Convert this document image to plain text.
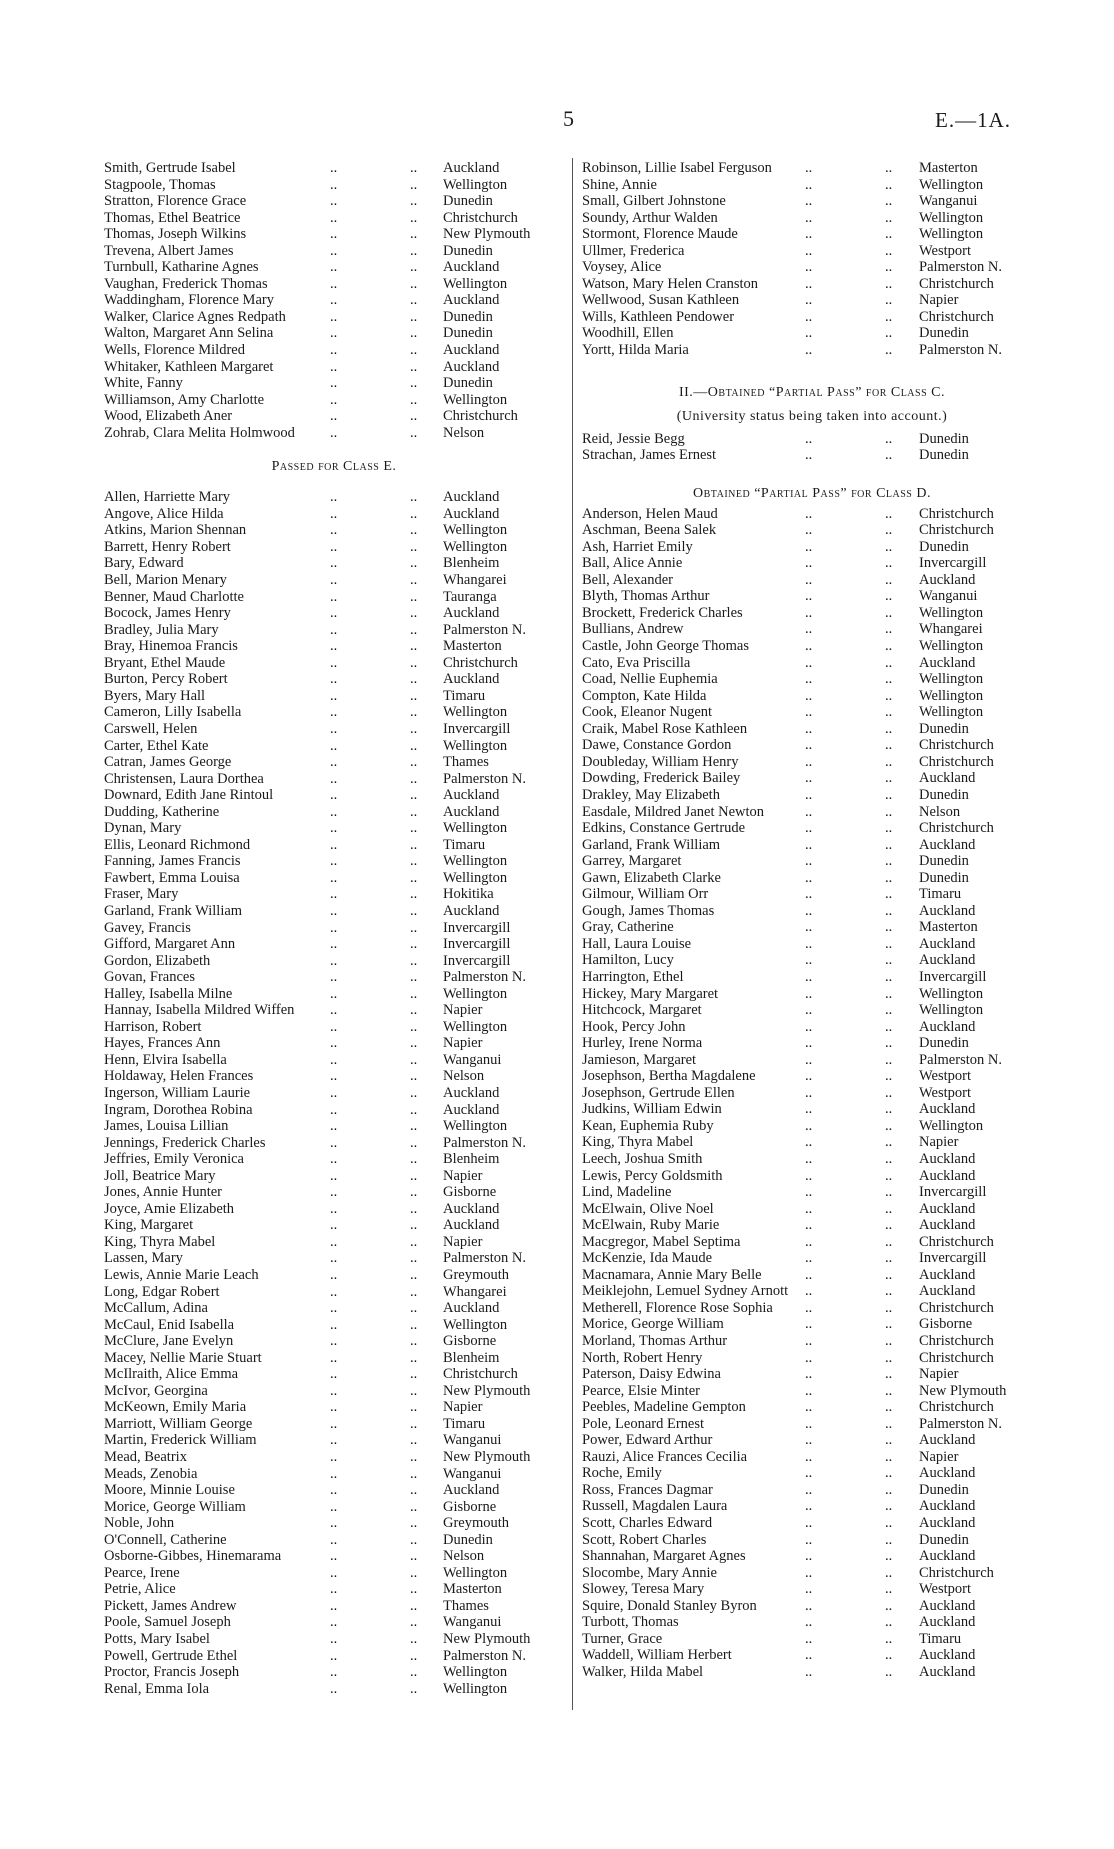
5	E.—1A.
Smith, Gertrude Isabel	..	.. Auckland
Stagpoole, Thomas	..	.. Wellington
Stratton, Florence Grace	..	.. Dunedin
Thomas, Ethel Beatrice	..	.. Christchurch
Thomas, Joseph Wilkins	..	.. New Plymouth
Trevena, Albert James	..	.. Dunedin
Turnbull, Katharine Agnes	..	.. Auckland
Vaughan, Frederick Thomas	..	.. Wellington
Waddingham, Florence Mary	..	.. Auckland
Walker, Clarice Agnes Redpath	..	.. Dunedin
Walton, Margaret Ann Selina	..	.. Dunedin
Wells, Florence Mildred	..	.. Auckland
Whitaker, Kathleen Margaret	..	.. Auckland
White, Fanny	..	.. Dunedin
Williamson, Amy Charlotte	..	.. Wellington
Wood, Elizabeth Aner	..	.. Christchurch
Zohrab, Clara Melita Holmwood ..	.. Nelson
Passed for Class E.
Allen, Harriette Mary	..	.. Auckland
Angove, Alice Hilda	..	.. Auckland
Atkins, Marion Shennan	..	.. Wellington
Barrett, Henry Robert	..	.. Wellington
Bary, Edward	..	.. Blenheim
Bell, Marion Menary	..	.. Whangarei
Benner, Maud Charlotte	..	.. Tauranga
Bocock, James Henry	..	.. Auckland
Bradley, Julia Mary	..	.. Palmerston N.
Bray, Hinemoa Francis	..	.. Masterton
Bryant, Ethel Maude	..	.. Christchurch
Burton, Percy Robert	..	.. Auckland
Byers, Mary Hall	..	.. Timaru
Cameron, Lilly Isabella	..	.. Wellington
Carswell, Helen	..	.. Invercargill
Carter, Ethel Kate	..	.. Wellington
Catran, James George	..	.. Thames
Christensen, Laura Dorthea	..	.. Palmerston N.
Downard, Edith Jane Rintoul	..	.. Auckland
Dudding, Katherine	..	.. Auckland
Dynan, Mary	..	.. Wellington
Ellis, Leonard Richmond	..	.. Timaru
Fanning, James Francis	..	.. Wellington
Fawbert, Emma Louisa	..	.. Wellington
Fraser, Mary	..	.. Hokitika
Garland, Frank William	..	.. Auckland
Gavey, Francis	..	.. Invercargill
Gifford, Margaret Ann	..	.. Invercargill
Gordon, Elizabeth	..	.. Invercargill
Govan, Frances	..	.. Palmerston N.
Halley, Isabella Milne	..	.. Wellington
Hannay, Isabella Mildred Wiffen ..	.. Napier
Harrison, Robert	..	.. Wellington
Hayes, Frances Ann	..	.. Napier
Henn, Elvira Isabella	..	.. Wanganui
Holdaway, Helen Frances	..	.. Nelson
Ingerson, William Laurie	..	.. Auckland
Ingram, Dorothea Robina	..	.. Auckland
James, Louisa Lillian	..	.. Wellington
Jennings, Frederick Charles	..	.. Palmerston N.
Jeffries, Emily Veronica	..	.. Blenheim
Joll, Beatrice Mary	..	.. Napier
Jones, Annie Hunter	..	.. Gisborne
Joyce, Amie Elizabeth	..	.. Auckland
King, Margaret	..	.. Auckland
King, Thyra Mabel	..	.. Napier
Lassen, Mary	..	.. Palmerston N.
Lewis, Annie Marie Leach	..	.. Greymouth
Long, Edgar Robert	..	.. Whangarei
McCallum, Adina	..	.. Auckland
McCaul, Enid Isabella	..	.. Wellington
McClure, Jane Evelyn	..	.. Gisborne
Macey, Nellie Marie Stuart	..	.. Blenheim
McIlraith, Alice Emma	..	.. Christchurch
McIvor, Georgina	..	.. New Plymouth
McKeown, Emily Maria	..	.. Napier
Marriott, William George	..	.. Timaru
Martin, Frederick William	..	.. Wanganui
Mead, Beatrix	..	.. New Plymouth
Meads, Zenobia	..	.. Wanganui
Moore, Minnie Louise	..	.. Auckland
Morice, George William	..	.. Gisborne
Noble, John	..	.. Greymouth
O'Connell, Catherine	..	.. Dunedin
Osborne-Gibbes, Hinemarama	..	.. Nelson
Pearce, Irene	..	.. Wellington
Petrie, Alice	..	.. Masterton
Pickett, James Andrew	..	.. Thames
Poole, Samuel Joseph	..	.. Wanganui
Potts, Mary Isabel	..	.. New Plymouth
Powell, Gertrude Ethel	..	.. Palmerston N.
Proctor, Francis Joseph	..	.. Wellington
Renal, Emma Iola	..	.. Wellington
Robinson, Lillie Isabel Ferguson ..	.. Masterton
Shine, Annie	..	.. Wellington
Small, Gilbert Johnstone	..	.. Wanganui
Soundy, Arthur Walden	..	.. Wellington
Stormont, Florence Maude	..	.. Wellington
Ullmer, Frederica	..	.. Westport
Voysey, Alice	..	.. Palmerston N.
Watson, Mary Helen Cranston	..	.. Christchurch
Wellwood, Susan Kathleen	..	.. Napier
Wills, Kathleen Pendower	..	.. Christchurch
Woodhill, Ellen	..	.. Dunedin
Yortt, Hilda Maria	..	.. Palmerston N.
II.—Obtained “Partial Pass” for Class C.
(University status being taken into account.)
Reid, Jessie Begg	..	.. Dunedin
Strachan, James Ernest	..	.. Dunedin
Obtained “Partial Pass” for Class D.
Anderson, Helen Maud	..	.. Christchurch
Aschman, Beena Salek	..	.. Christchurch
Ash, Harriet Emily	..	.. Dunedin
Ball, Alice Annie	..	.. Invercargill
Bell, Alexander	..	.. Auckland
Blyth, Thomas Arthur	..	.. Wanganui
Brockett, Frederick Charles	..	.. Wellington
Bullians, Andrew	..	.. Whangarei
Castle, John George Thomas	..	.. Wellington
Cato, Eva Priscilla	..	.. Auckland
Coad, Nellie Euphemia	..	.. Wellington
Compton, Kate Hilda	..	.. Wellington
Cook, Eleanor Nugent	..	.. Wellington
Craik, Mabel Rose Kathleen	..	.. Dunedin
Dawe, Constance Gordon	..	.. Christchurch
Doubleday, William Henry	..	.. Christchurch
Dowding, Frederick Bailey	..	.. Auckland
Drakley, May Elizabeth	..	.. Dunedin
Easdale, Mildred Janet Newton	..	.. Nelson
Edkins, Constance Gertrude	..	.. Christchurch
Garland, Frank William	..	.. Auckland
Garrey, Margaret	..	.. Dunedin
Gawn, Elizabeth Clarke	..	.. Dunedin
Gilmour, William Orr	..	.. Timaru
Gough, James Thomas	..	.. Auckland
Gray, Catherine	..	.. Masterton
Hall, Laura Louise	..	.. Auckland
Hamilton, Lucy	..	.. Auckland
Harrington, Ethel	..	.. Invercargill
Hickey, Mary Margaret	..	.. Wellington
Hitchcock, Margaret	..	.. Wellington
Hook, Percy John	..	.. Auckland
Hurley, Irene Norma	..	.. Dunedin
Jamieson, Margaret	..	.. Palmerston N.
Josephson, Bertha Magdalene	..	.. Westport
Josephson, Gertrude Ellen	..	.. Westport
Judkins, William Edwin	..	.. Auckland
Kean, Euphemia Ruby	..	.. Wellington
King, Thyra Mabel	..	.. Napier
Leech, Joshua Smith	..	.. Auckland
Lewis, Percy Goldsmith	..	.. Auckland
Lind, Madeline	..	.. Invercargill
McElwain, Olive Noel	..	.. Auckland
McElwain, Ruby Marie	..	.. Auckland
Macgregor, Mabel Septima	..	.. Christchurch
McKenzie, Ida Maude	..	.. Invercargill
Macnamara, Annie Mary Belle	..	.. Auckland
Meiklejohn, Lemuel Sydney Arnott ..	.. Auckland
Metherell, Florence Rose Sophia ..	.. Christchurch
Morice, George William	..	.. Gisborne
Morland, Thomas Arthur	..	.. Christchurch
North, Robert Henry	..	.. Christchurch
Paterson, Daisy Edwina	..	.. Napier
Pearce, Elsie Minter	..	.. New Plymouth
Peebles, Madeline Gempton	..	.. Christchurch
Pole, Leonard Ernest	..	.. Palmerston N.
Power, Edward Arthur	..	.. Auckland
Rauzi, Alice Frances Cecilia	..	.. Napier
Roche, Emily	..	.. Auckland
Ross, Frances Dagmar	..	.. Dunedin
Russell, Magdalen Laura	..	.. Auckland
Scott, Charles Edward	..	.. Auckland
Scott, Robert Charles	..	.. Dunedin
Shannahan, Margaret Agnes	..	.. Auckland
Slocombe, Mary Annie	..	.. Christchurch
Slowey, Teresa Mary	..	.. Westport
Squire, Donald Stanley Byron	..	.. Auckland
Turbott, Thomas	..	.. Auckland
Turner, Grace	..	.. Timaru
Waddell, William Herbert	..	.. Auckland
Walker, Hilda Mabel	..	.. Auckland
